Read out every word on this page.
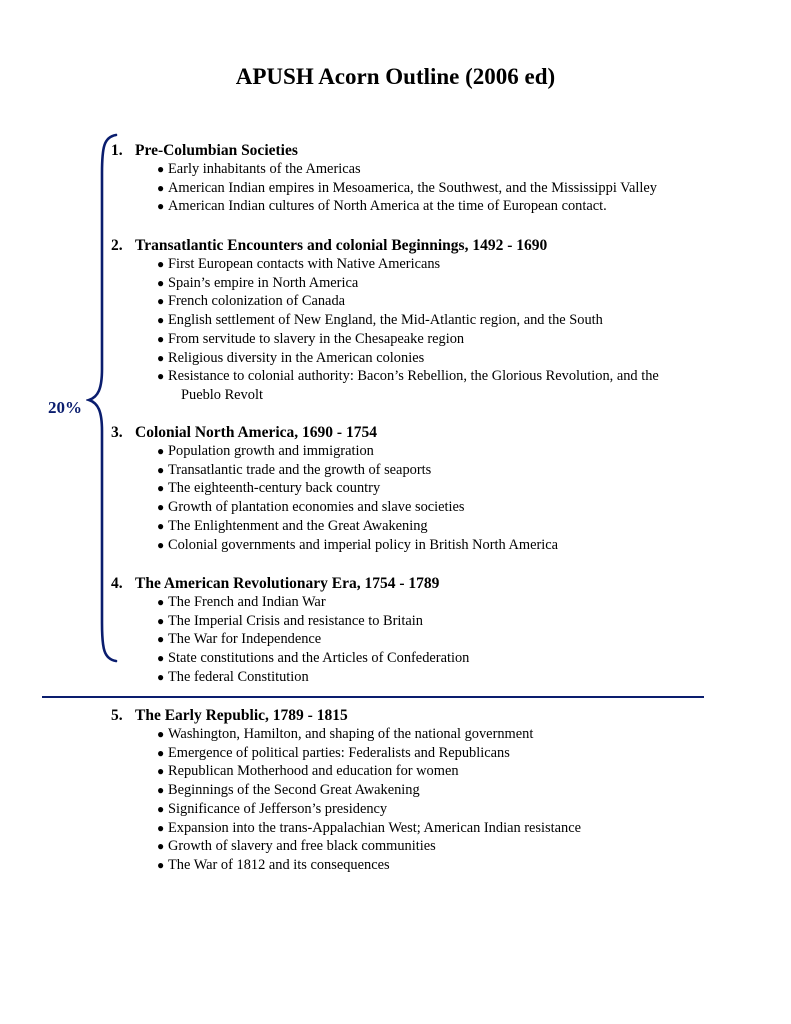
APUSH Acorn Outline (2006 ed)
20%
1. Pre-Columbian Societies
● Early inhabitants of the Americas
● American Indian empires in Mesoamerica, the Southwest, and the Mississippi Valley
● American Indian cultures of North America at the time of European contact.
2. Transatlantic Encounters and colonial Beginnings, 1492 - 1690
● First European contacts with Native Americans
● Spain’s empire in North America
● French colonization of Canada
● English settlement of New England, the Mid-Atlantic region, and the South
● From servitude to slavery in the Chesapeake region
● Religious diversity in the American colonies
● Resistance to colonial authority: Bacon’s Rebellion, the Glorious Revolution, and the
Pueblo Revolt
3. Colonial North America, 1690 - 1754
● Population growth and immigration
● Transatlantic trade and the growth of seaports
● The eighteenth-century back country
● Growth of plantation economies and slave societies
● The Enlightenment and the Great Awakening
● Colonial governments and imperial policy in British North America
4. The American Revolutionary Era, 1754 - 1789
● The French and Indian War
● The Imperial Crisis and resistance to Britain
● The War for Independence
● State constitutions and the Articles of Confederation
● The federal Constitution
5. The Early Republic, 1789 - 1815
● Washington, Hamilton, and shaping of the national government
● Emergence of political parties: Federalists and Republicans
● Republican Motherhood and education for women
● Beginnings of the Second Great Awakening
● Significance of Jefferson’s presidency
● Expansion into the trans-Appalachian West; American Indian resistance
● Growth of slavery and free black communities
● The War of 1812 and its consequences
